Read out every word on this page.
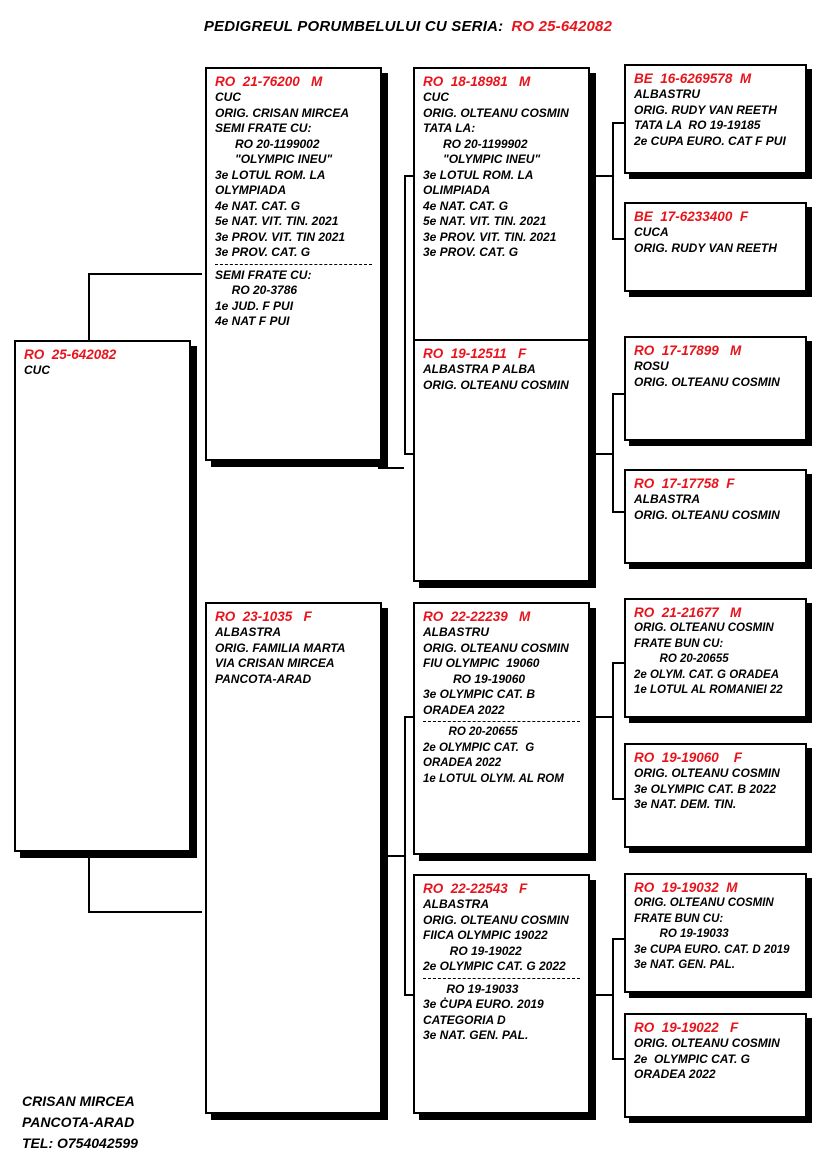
PEDIGREUL PORUMBELULUI CU SERIA: RO 25-642082
RO  25-642082
CUC
RO  21-76200   M
CUC
ORIG. CRISAN MIRCEA
SEMI FRATE CU:
RO 20-1199002
"OLYMPIC INEU"
3e LOTUL ROM. LA
OLYMPIADA
4e NAT. CAT. G
5e NAT. VIT. TIN. 2021
3e PROV. VIT. TIN 2021
3e PROV. CAT. G
SEMI FRATE CU:
RO 20-3786
1e JUD. F PUI
4e NAT F PUI
RO  23-1035   F
ALBASTRA
ORIG. FAMILIA MARTA
VIA CRISAN MIRCEA
PANCOTA-ARAD
RO  18-18981   M
CUC
ORIG. OLTEANU COSMIN
TATA LA:
RO 20-1199902
"OLYMPIC INEU"
3e LOTUL ROM. LA
OLIMPIADA
4e NAT. CAT. G
5e NAT. VIT. TIN. 2021
3e PROV. VIT. TIN. 2021
3e PROV. CAT. G
RO  19-12511   F
ALBASTRA P ALBA
ORIG. OLTEANU COSMIN
RO  22-22239   M
ALBASTRU
ORIG. OLTEANU COSMIN
FIU OLYMPIC  19060
RO 19-19060
3e OLYMPIC CAT. B
ORADEA 2022
RO 20-20655
2e OLYMPIC CAT.  G
ORADEA 2022
1e LOTUL OLYM. AL ROM
RO  22-22543   F
ALBASTRA
ORIG. OLTEANU COSMIN
FIICA OLYMPIC 19022
RO 19-19022
2e OLYMPIC CAT. G 2022
RO 19-19033
3e ĊUPA EURO. 2019
CATEGORIA D
3e NAT. GEN. PAL.
BE  16-6269578  M
ALBASTRU
ORIG. RUDY VAN REETH
TATA LA  RO 19-19185
2e CUPA EURO. CAT F PUI
BE  17-6233400  F
CUCA
ORIG. RUDY VAN REETH
RO  17-17899   M
ROSU
ORIG. OLTEANU COSMIN
RO  17-17758  F
ALBASTRA
ORIG. OLTEANU COSMIN
RO  21-21677   M
ORIG. OLTEANU COSMIN
FRATE BUN CU:
RO 20-20655
2e OLYM. CAT. G ORADEA
1e LOTUL AL ROMANIEI 22
RO  19-19060    F
ORIG. OLTEANU COSMIN
3e OLYMPIC CAT. B 2022
3e NAT. DEM. TIN.
RO  19-19032  M
ORIG. OLTEANU COSMIN
FRATE BUN CU:
RO 19-19033
3e CUPA EURO. CAT. D 2019
3e NAT. GEN. PAL.
RO  19-19022   F
ORIG. OLTEANU COSMIN
2e  OLYMPIC CAT. G
ORADEA 2022
CRISAN MIRCEA
PANCOTA-ARAD
TEL: O754042599
